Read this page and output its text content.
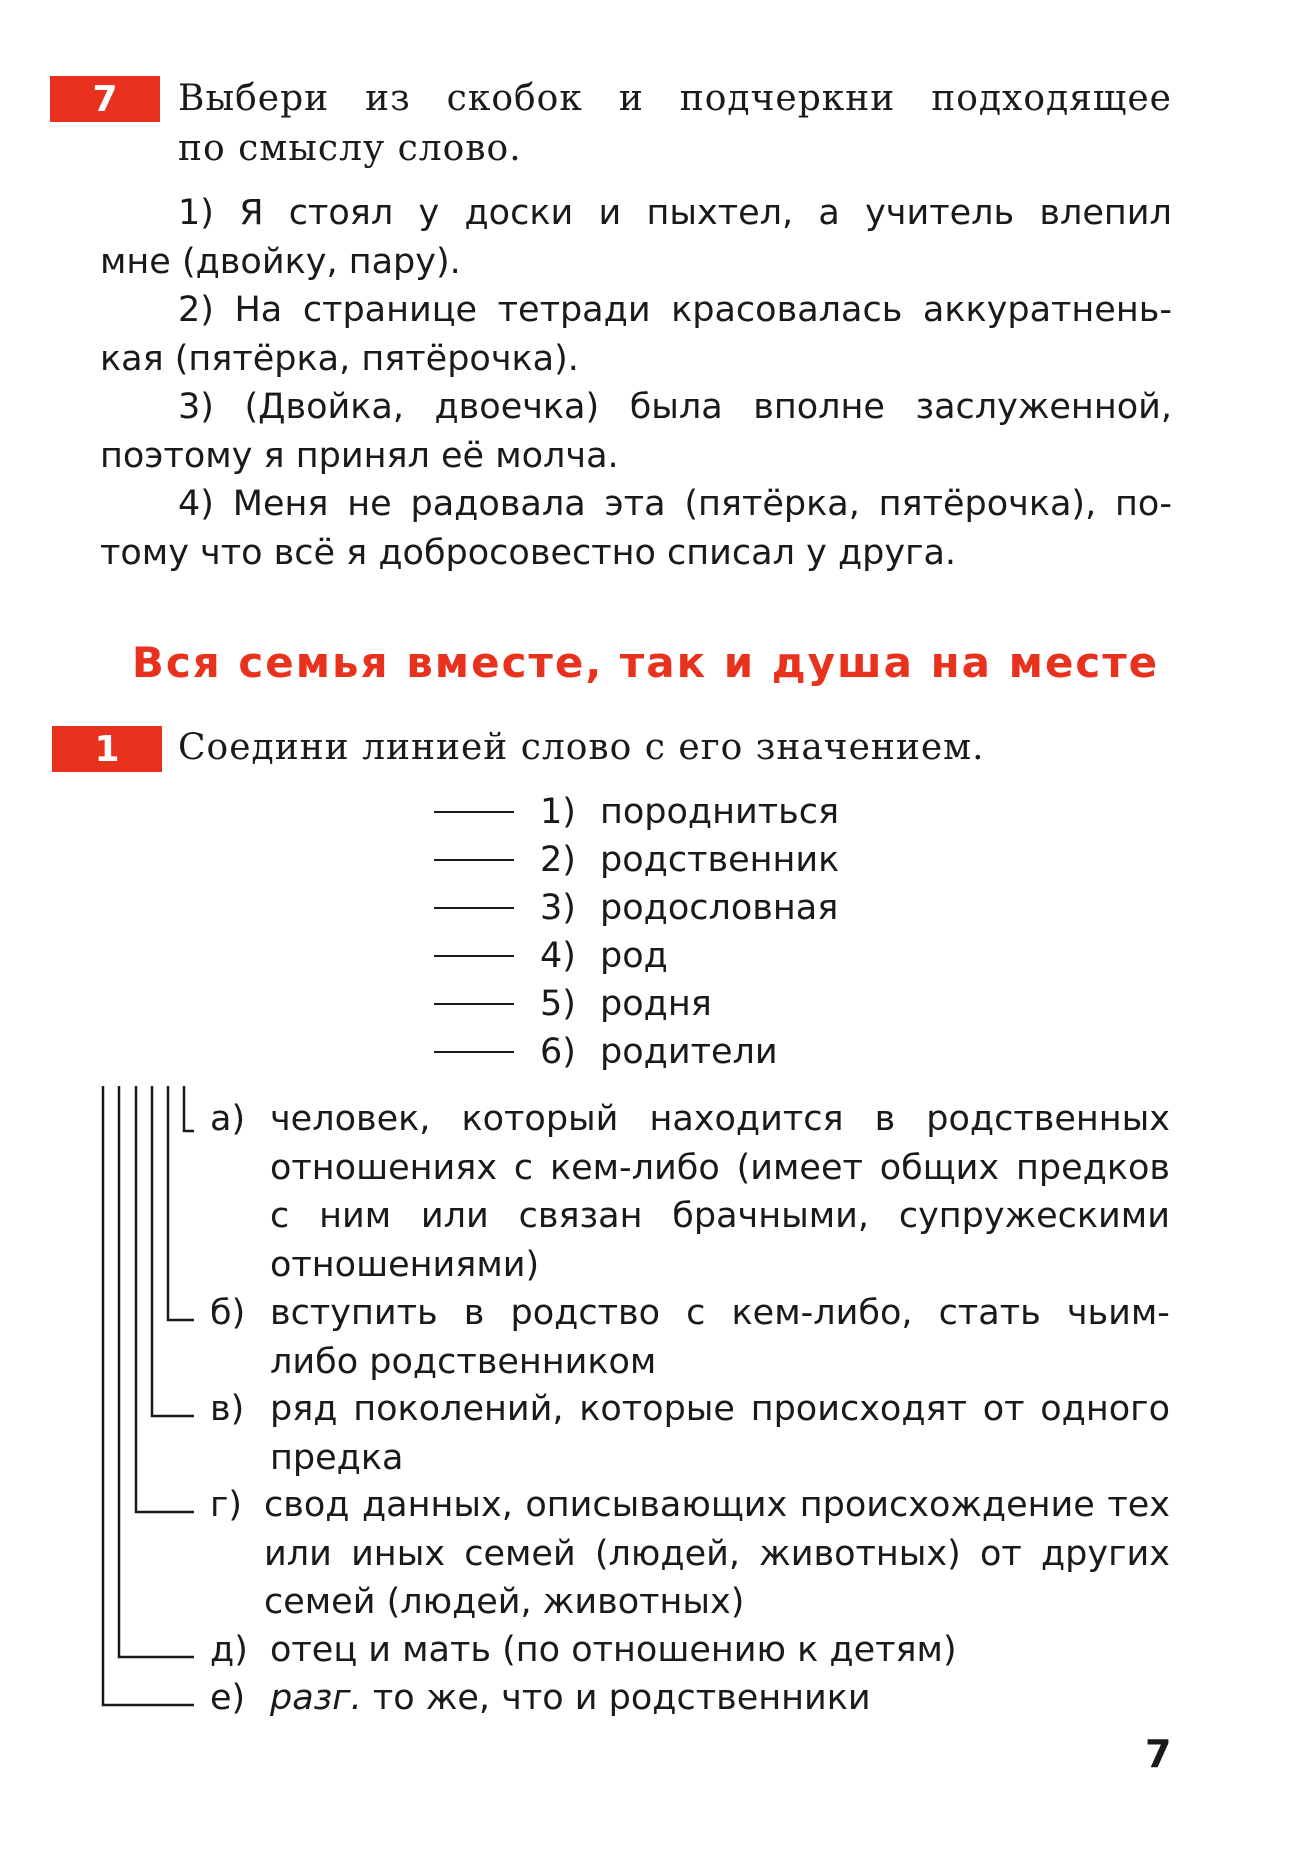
7	Выбери из скобок и подчеркни подходящее
по смыслу слово.
1) Я стоял у доски и пыхтел, а учитель влепил
мне (двойку, пару).
2) На странице тетради красовалась аккуратнень-
кая (пятёрка, пятёрочка).
3) (Двойка, двоечка) была вполне заслуженной,
поэтому я принял её молча.
4) Меня не радовала эта (пятёрка, пятёрочка), по-
тому что всё я добросовестно списал у друга.
Вся семья вместе, так и душа на месте
1	Соедини линией слово с его значением.
1) породниться
2) родственник
3) родословная
4) род
5) родня
6) родители
а) человек, который находится в родственных
отношениях с кем-либо (имеет общих предков
с ним или связан брачными, супружескими
отношениями)
б) вступить в родство с кем-либо, стать чьим-
либо родственником
в) ряд поколений, которые происходят от одного
предка
г) свод данных, описывающих происхождение тех
или иных семей (людей, животных) от других
семей (людей, животных)
д) отец и мать (по отношению к детям)
е) разг. то же, что и родственники
7
